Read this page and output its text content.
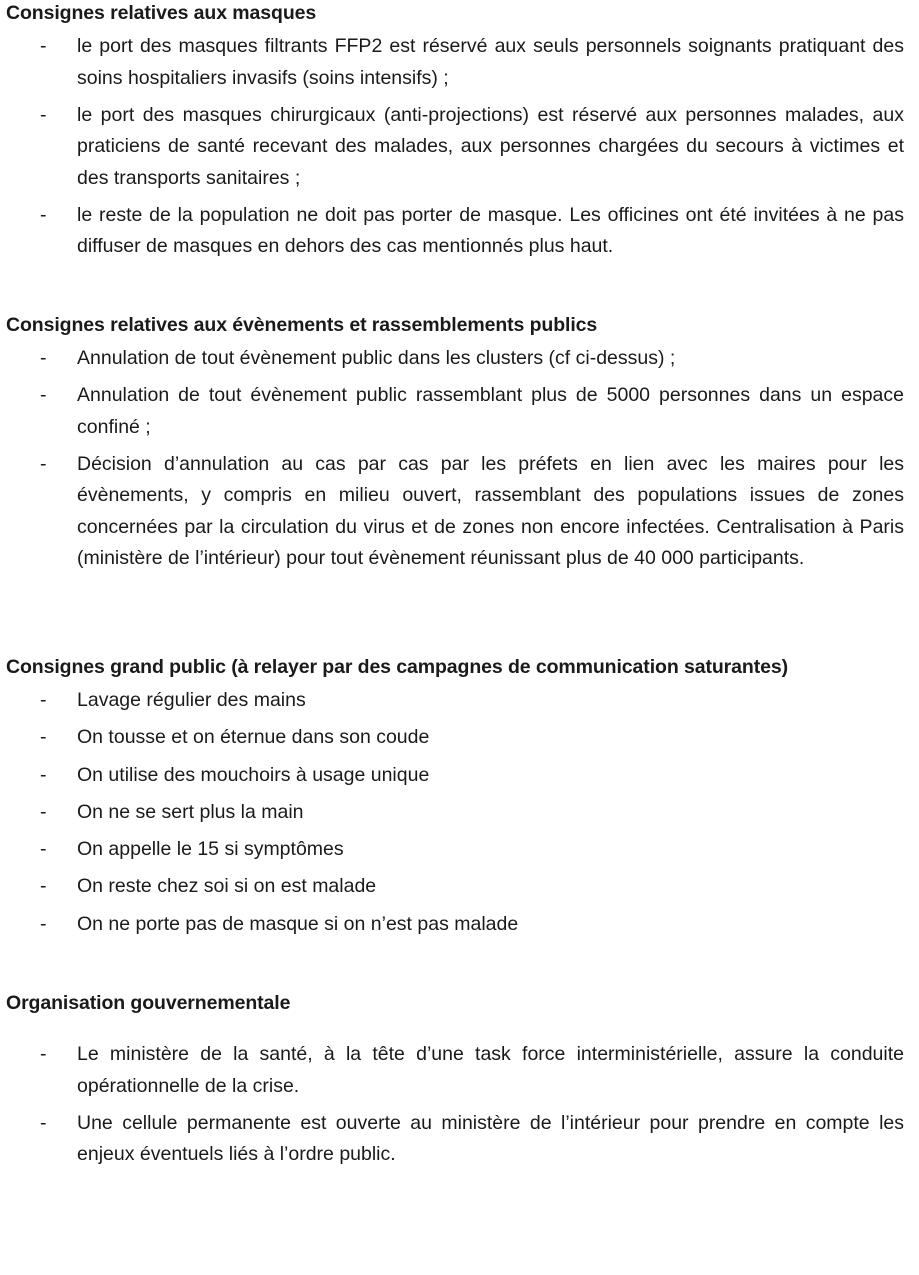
Consignes relatives aux masques
- le port des masques filtrants FFP2 est réservé aux seuls personnels soignants pratiquant des soins hospitaliers invasifs (soins intensifs) ;
- le port des masques chirurgicaux (anti-projections) est réservé aux personnes malades, aux praticiens de santé recevant des malades, aux personnes chargées du secours à victimes et des transports sanitaires ;
- le reste de la population ne doit pas porter de masque. Les officines ont été invitées à ne pas diffuser de masques en dehors des cas mentionnés plus haut.
Consignes relatives aux évènements et rassemblements publics
- Annulation de tout évènement public dans les clusters (cf ci-dessus) ;
- Annulation de tout évènement public rassemblant plus de 5000 personnes dans un espace confiné ;
- Décision d’annulation au cas par cas par les préfets en lien avec les maires pour les évènements, y compris en milieu ouvert, rassemblant des populations issues de zones concernées par la circulation du virus et de zones non encore infectées. Centralisation à Paris (ministère de l’intérieur) pour tout évènement réunissant plus de 40 000 participants.
Consignes grand public (à relayer par des campagnes de communication saturantes)
- Lavage régulier des mains
- On tousse et on éternue dans son coude
- On utilise des mouchoirs à usage unique
- On ne se sert plus la main
- On appelle le 15 si symptômes
- On reste chez soi si on est malade
- On ne porte pas de masque si on n’est pas malade
Organisation gouvernementale
- Le ministère de la santé, à la tête d’une task force interministérielle, assure la conduite opérationnelle de la crise.
- Une cellule permanente est ouverte au ministère de l’intérieur pour prendre en compte les enjeux éventuels liés à l’ordre public.
